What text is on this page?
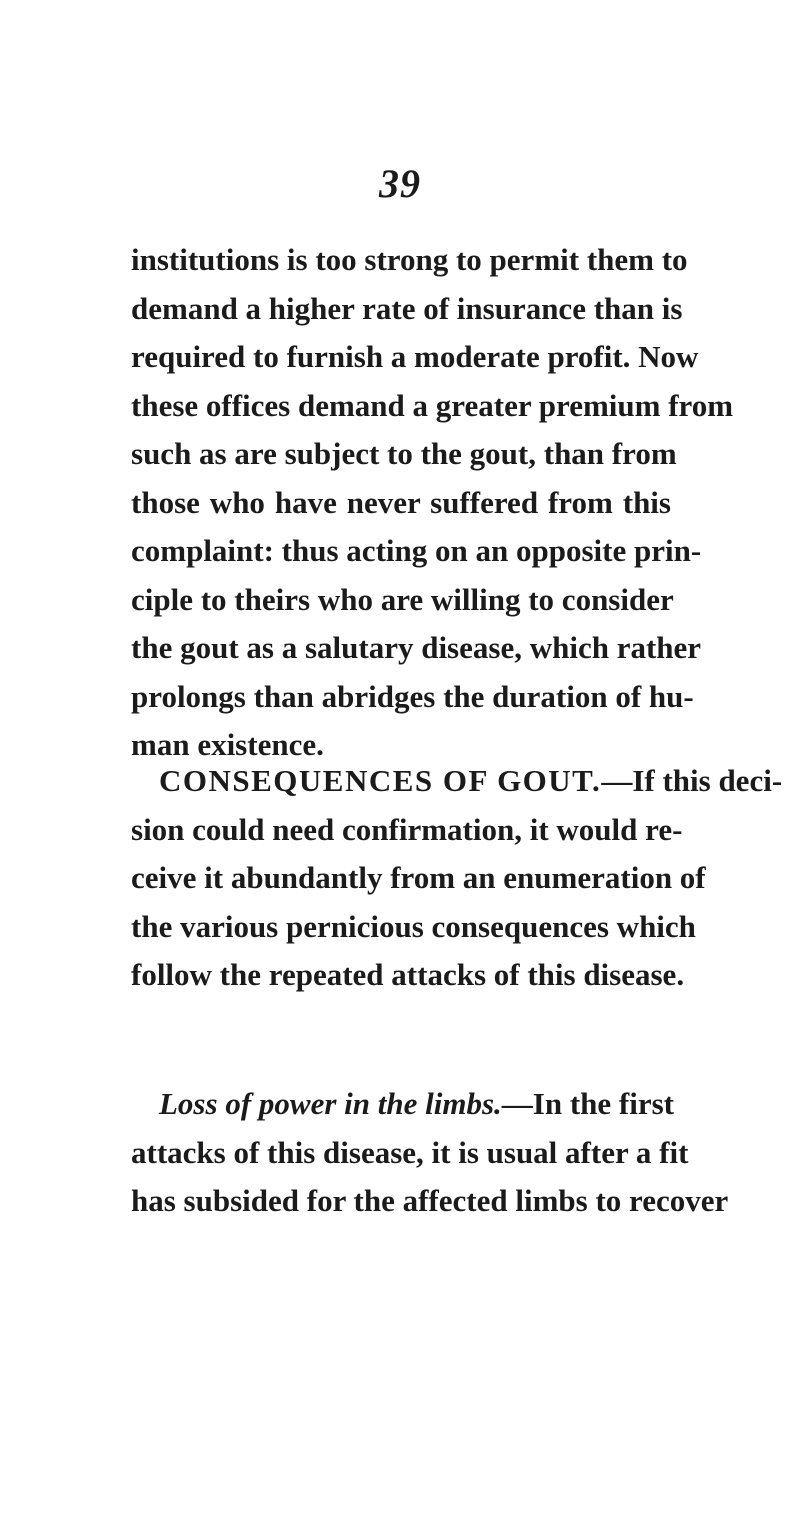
39
institutions is too strong to permit them to
demand a higher rate of insurance than is
required to furnish a moderate profit. Now
these offices demand a greater premium from
such as are subject to the gout, than from
those who have never suffered from this
complaint: thus acting on an opposite prin-
ciple to theirs who are willing to consider
the gout as a salutary disease, which rather
prolongs than abridges the duration of hu-
man existence.
CONSEQUENCES OF GOUT.—If this deci-
sion could need confirmation, it would re-
ceive it abundantly from an enumeration of
the various pernicious consequences which
follow the repeated attacks of this disease.
Loss of power in the limbs.—In the first
attacks of this disease, it is usual after a fit
has subsided for the affected limbs to recover
